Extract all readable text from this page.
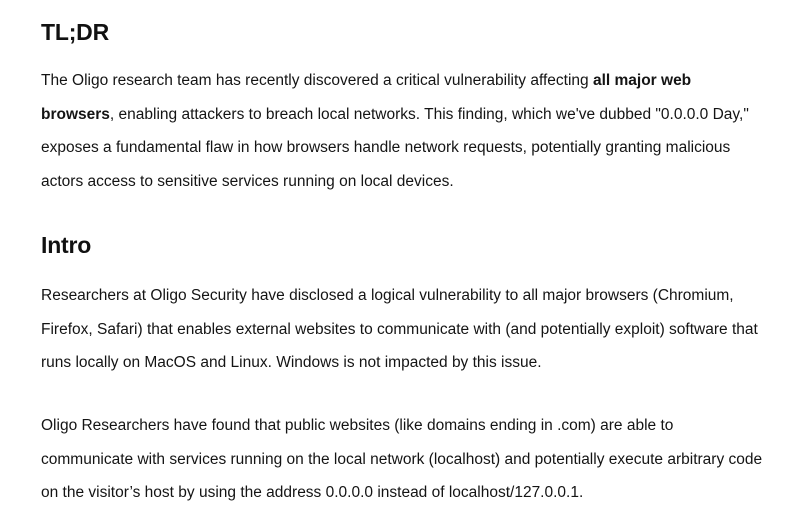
TL;DR

The Oligo research team has recently discovered a critical vulnerability affecting all major web browsers, enabling attackers to breach local networks. This finding, which we've dubbed "0.0.0.0 Day," exposes a fundamental flaw in how browsers handle network requests, potentially granting malicious actors access to sensitive services running on local devices.

Intro

Researchers at Oligo Security have disclosed a logical vulnerability to all major browsers (Chromium, Firefox, Safari) that enables external websites to communicate with (and potentially exploit) software that runs locally on MacOS and Linux. Windows is not impacted by this issue.

Oligo Researchers have found that public websites (like domains ending in .com) are able to communicate with services running on the local network (localhost) and potentially execute arbitrary code on the visitor’s host by using the address 0.0.0.0 instead of localhost/127.0.0.1.
